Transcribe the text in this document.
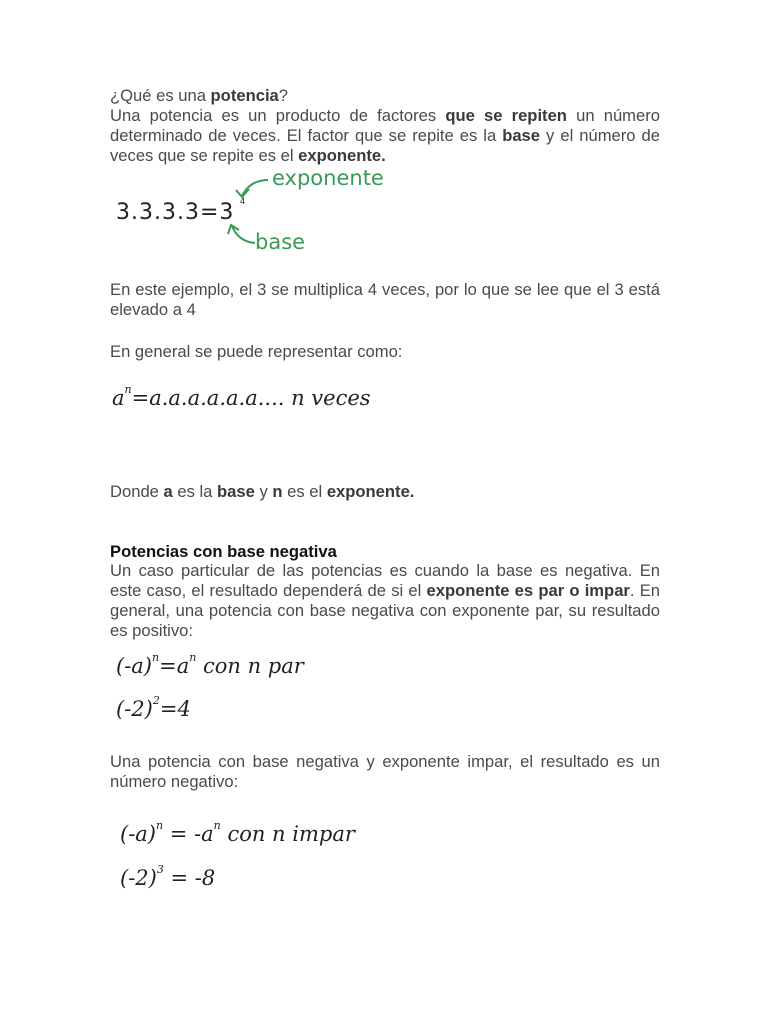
¿Qué es una potencia?
Una potencia es un producto de factores que se repiten un número determinado de veces. El factor que se repite es la base y el número de veces que se repite es el exponente.

3.3.3.3=3 4
exponente
base

En este ejemplo, el 3 se multiplica 4 veces, por lo que se lee que el 3 está elevado a 4

En general se puede representar como:

$a^n=a.a.a.a.a.a$.... n veces

Donde a es la base y n es el exponente.

Potencias con base negativa

Un caso particular de las potencias es cuando la base es negativa. En este caso, el resultado dependerá de si el exponente es par o impar. En general, una potencia con base negativa con exponente par, su resultado es positivo:

$(-a)^n=a^n$ con n par
$(-2)^2=4$

Una potencia con base negativa y exponente impar, el resultado es un número negativo:

$(-a)^n = -a^n$ con n impar
$(-2)^3 = -8$
